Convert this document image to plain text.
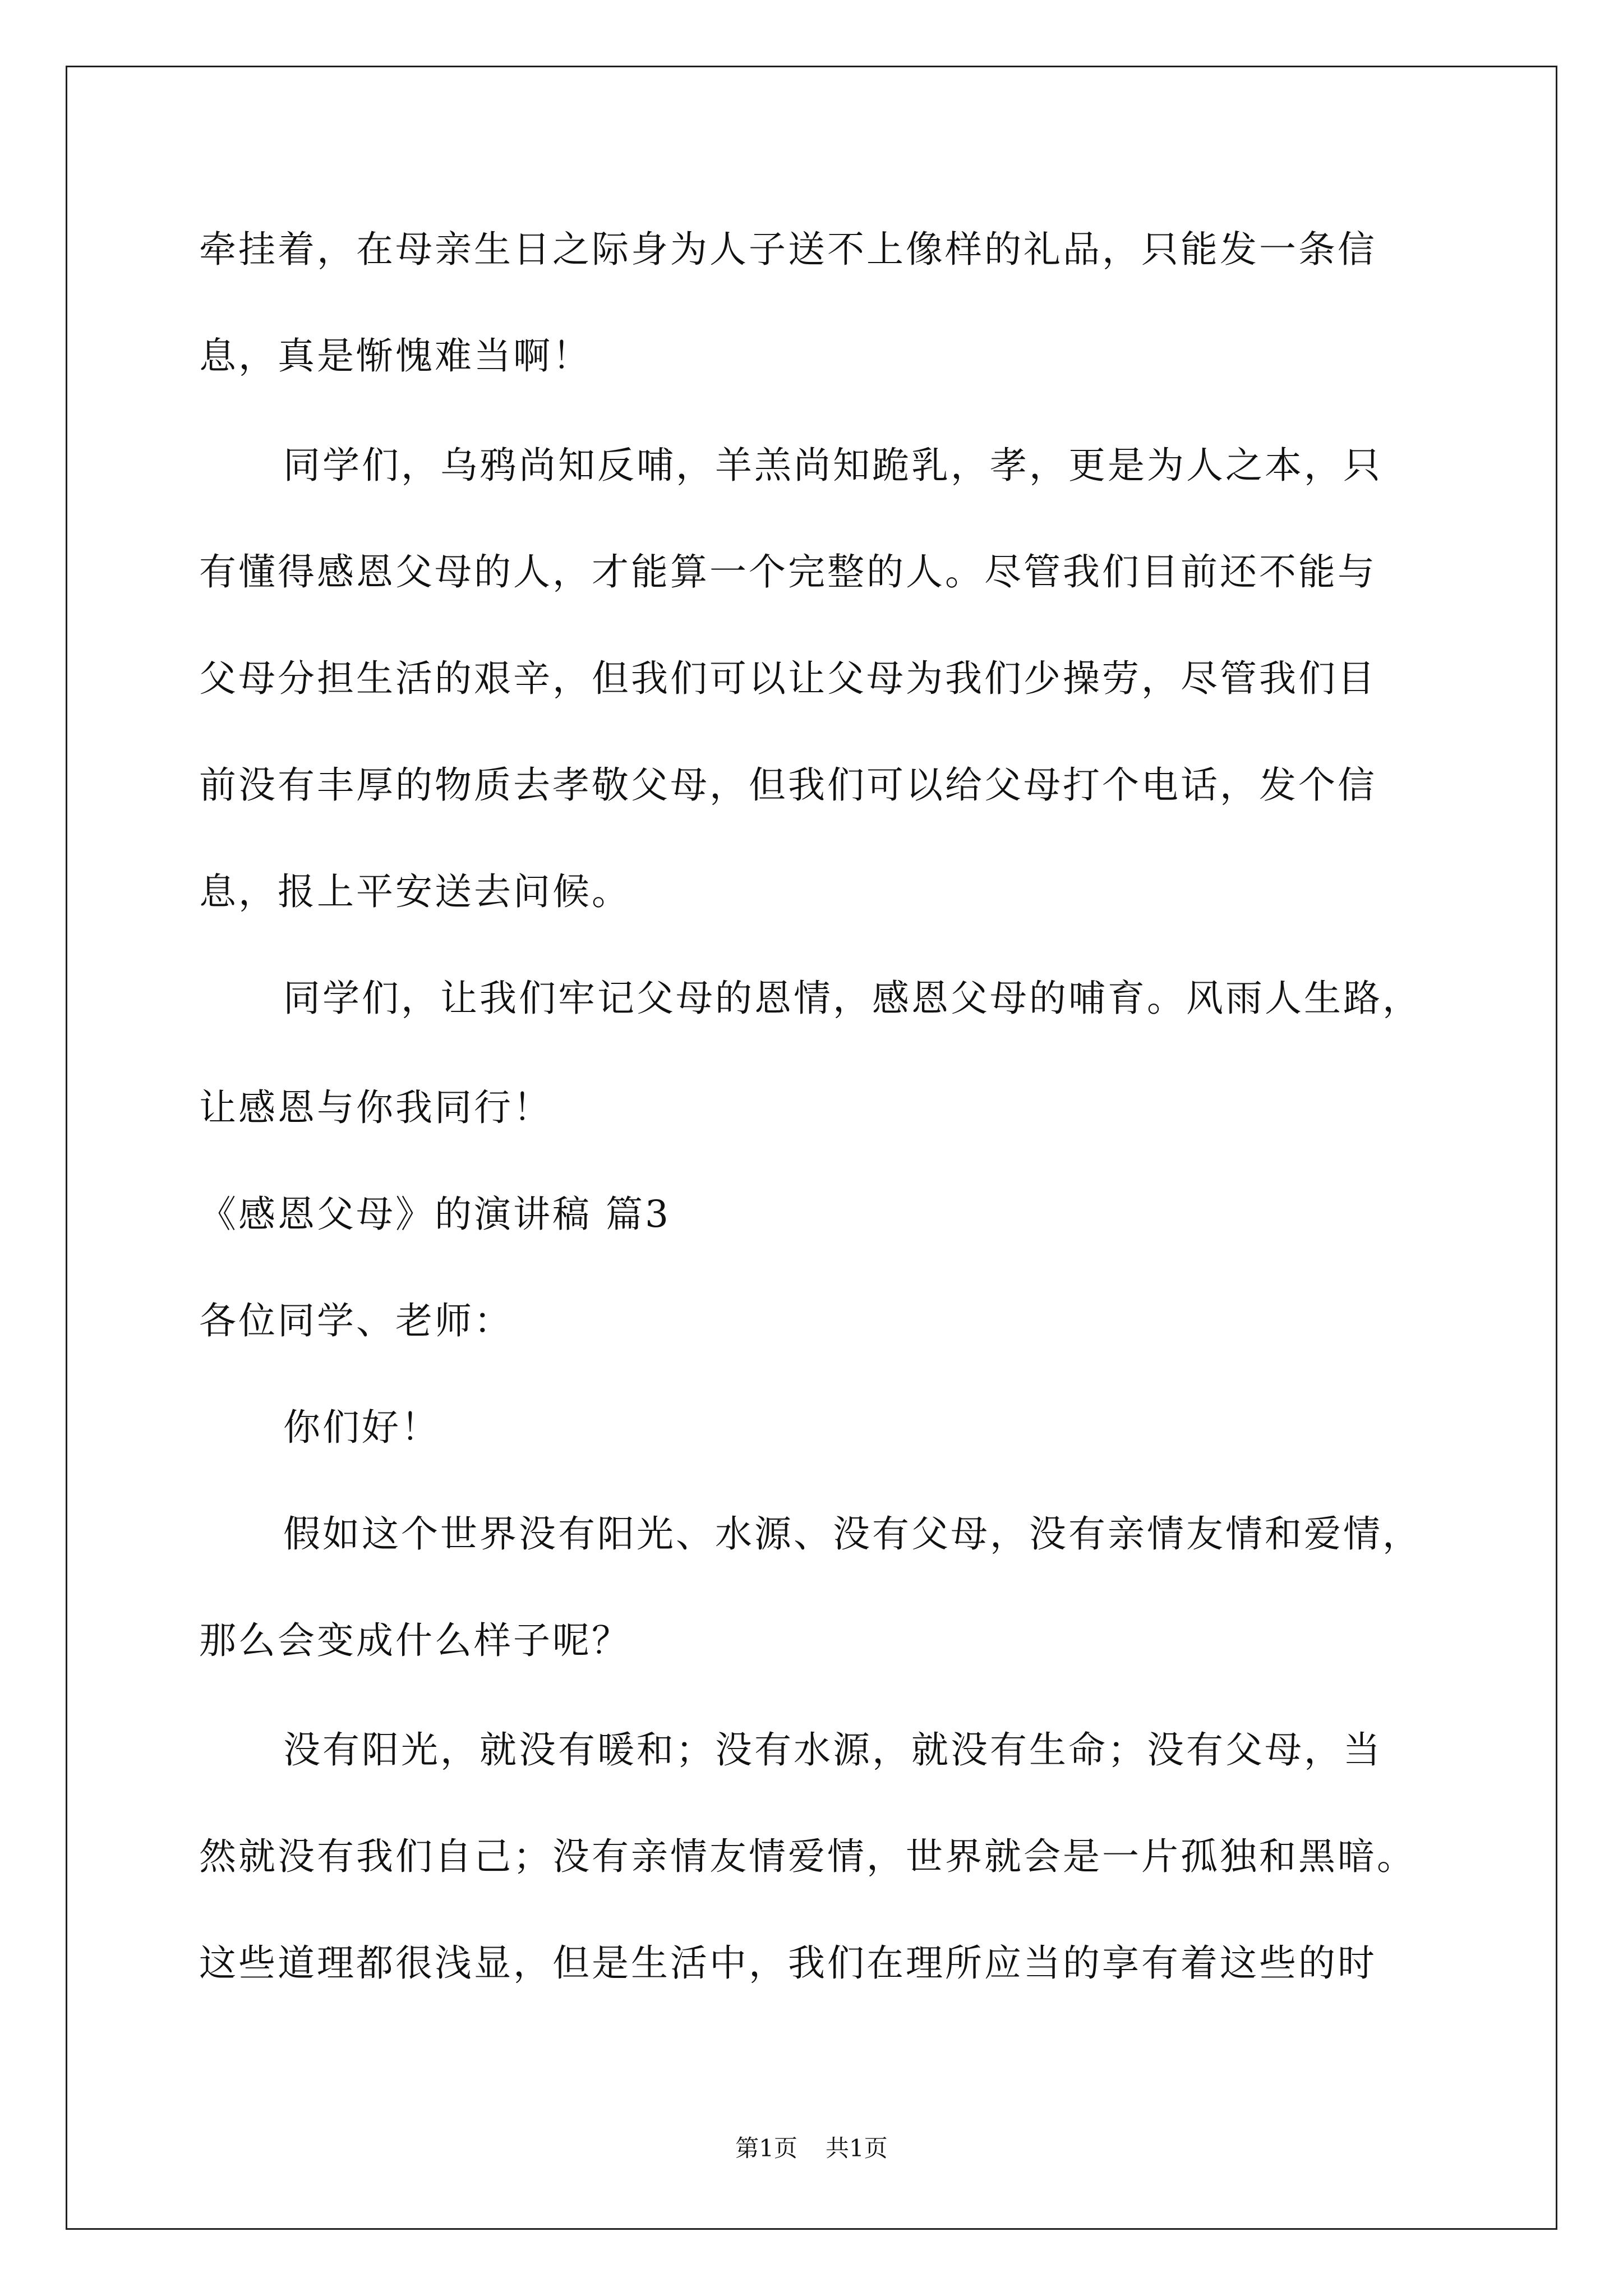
牵挂着，在母亲生日之际身为人子送不上像样的礼品，只能发一条信
息，真是惭愧难当啊！
同学们，乌鸦尚知反哺，羊羔尚知跪乳，孝，更是为人之本，只
有懂得感恩父母的人，才能算一个完整的人。尽管我们目前还不能与
父母分担生活的艰辛，但我们可以让父母为我们少操劳，尽管我们目
前没有丰厚的物质去孝敬父母，但我们可以给父母打个电话，发个信
息，报上平安送去问候。
同学们，让我们牢记父母的恩情，感恩父母的哺育。风雨人生路，
让感恩与你我同行！
《感恩父母》的演讲稿 篇3
各位同学、老师：
你们好！
假如这个世界没有阳光、水源、没有父母，没有亲情友情和爱情，
那么会变成什么样子呢？
没有阳光，就没有暖和；没有水源，就没有生命；没有父母，当
然就没有我们自己；没有亲情友情爱情，世界就会是一片孤独和黑暗。
这些道理都很浅显，但是生活中，我们在理所应当的享有着这些的时
第1页 共1页
